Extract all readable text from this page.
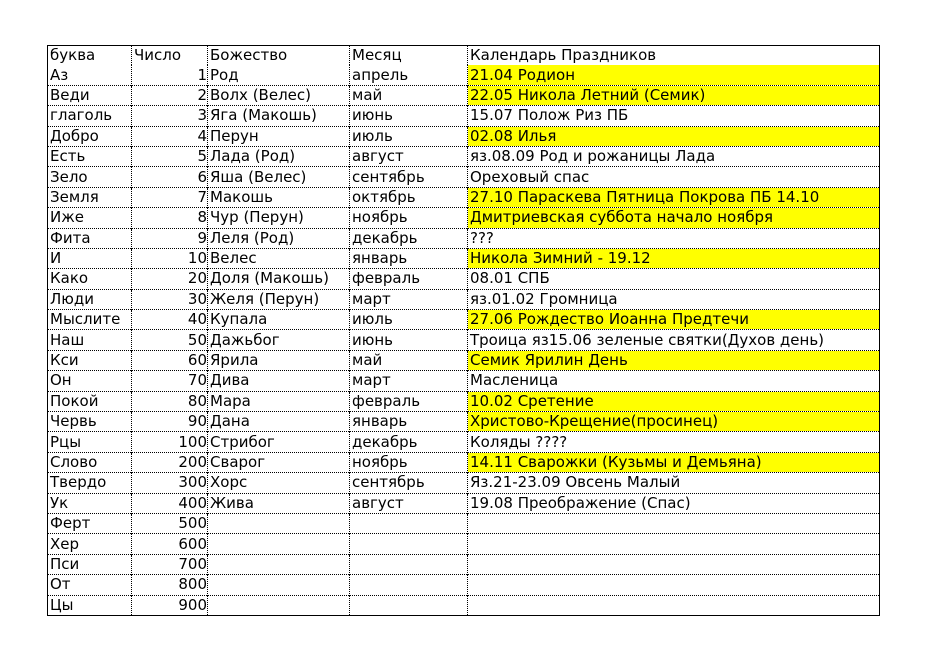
буква	Число	Божество	Месяц	Календарь Праздников
Аз	1	Род	апрель	21.04 Родион
Веди	2	Волх (Велес)	май	22.05 Никола Летний (Семик)
глаголь	3	Яга (Макошь)	июнь	15.07 Полож Риз ПБ
Добро	4	Перун	июль	02.08 Илья
Есть	5	Лада (Род)	август	яз.08.09 Род и рожаницы Лада
Зело	6	Яша (Велес)	сентябрь	Ореховый спас
Земля	7	Макошь	октябрь	27.10 Параскева Пятница Покрова ПБ 14.10
Иже	8	Чур (Перун)	ноябрь	Дмитриевская суббота начало ноября
Фита	9	Леля (Род)	декабрь	???
И	10	Велес	январь	Никола Зимний - 19.12
Како	20	Доля (Макошь)	февраль	08.01 СПБ
Люди	30	Желя (Перун)	март	яз.01.02 Громница
Мыслите	40	Купала	июль	27.06 Рождество Иоанна Предтечи
Наш	50	Дажьбог	июнь	Троица яз15.06 зеленые святки(Духов день)
Кси	60	Ярила	май	Семик Ярилин День
Он	70	Дива	март	Масленица
Покой	80	Мара	февраль	10.02 Сретение
Червь	90	Дана	январь	Христово-Крещение(просинец)
Рцы	100	Стрибог	декабрь	Коляды ????
Слово	200	Сварог	ноябрь	14.11 Сварожки (Кузьмы и Демьяна)
Твердо	300	Хорс	сентябрь	Яз.21-23.09 Овсень Малый
Ук	400	Жива	август	19.08 Преображение (Спас)
Ферт	500			
Хер	600			
Пси	700			
От	800			
Цы	900			
